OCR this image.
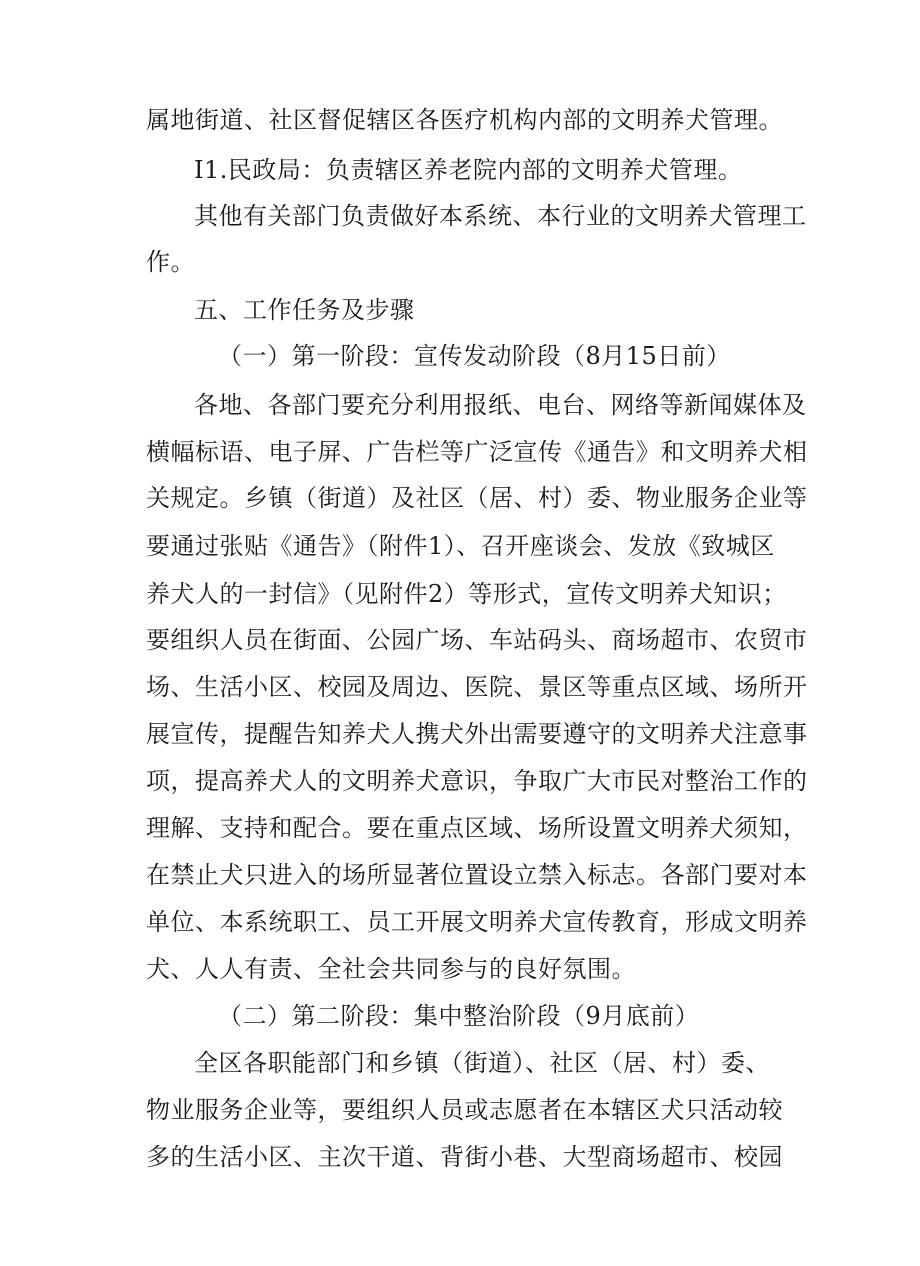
属地街道、社区督促辖区各医疗机构内部的文明养犬管理。
I1.民政局：负责辖区养老院内部的文明养犬管理。
其他有关部门负责做好本系统、本行业的文明养犬管理工
作。
五、工作任务及步骤
（一）第一阶段：宣传发动阶段（8月15日前）
各地、各部门要充分利用报纸、电台、网络等新闻媒体及
横幅标语、电子屏、广告栏等广泛宣传《通告》和文明养犬相
关规定。乡镇（街道）及社区（居、村）委、物业服务企业等
要通过张贴《通告》（附件1）、召开座谈会、发放《致城区
养犬人的一封信》（见附件2）等形式，宣传文明养犬知识；
要组织人员在街面、公园广场、车站码头、商场超市、农贸市
场、生活小区、校园及周边、医院、景区等重点区域、场所开
展宣传，提醒告知养犬人携犬外出需要遵守的文明养犬注意事
项，提高养犬人的文明养犬意识，争取广大市民对整治工作的
理解、支持和配合。要在重点区域、场所设置文明养犬须知，
在禁止犬只进入的场所显著位置设立禁入标志。各部门要对本
单位、本系统职工、员工开展文明养犬宣传教育，形成文明养
犬、人人有责、全社会共同参与的良好氛围。
（二）第二阶段：集中整治阶段（9月底前）
全区各职能部门和乡镇（街道）、社区（居、村）委、
物业服务企业等，要组织人员或志愿者在本辖区犬只活动较
多的生活小区、主次干道、背街小巷、大型商场超市、校园
